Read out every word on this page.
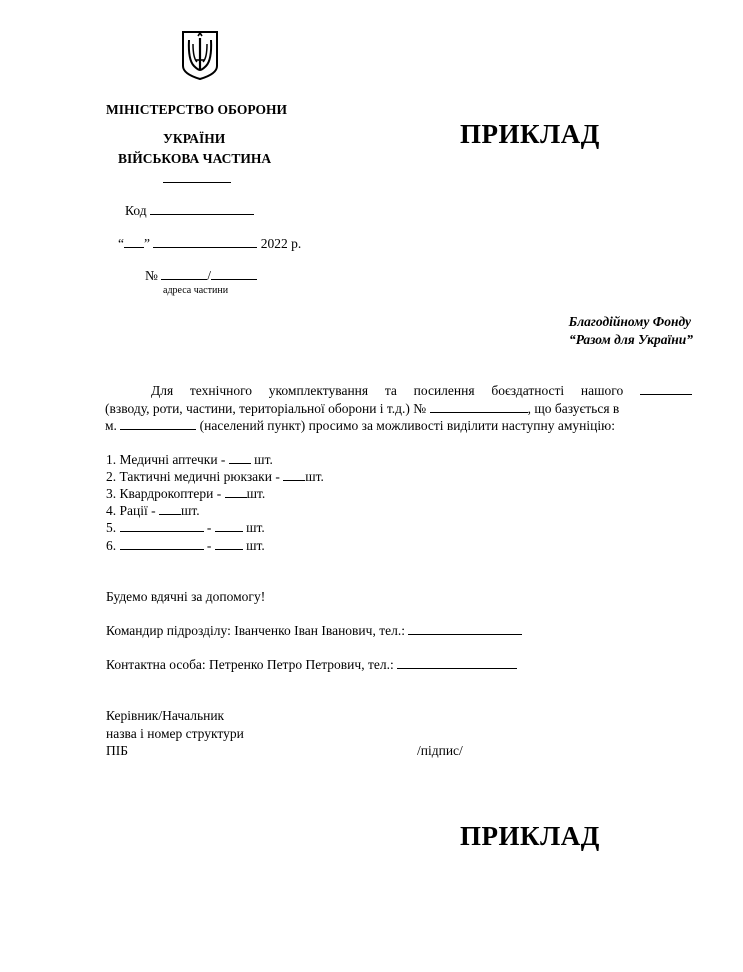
МІНІСТЕРСТВО ОБОРОНИ
УКРАЇНИ
ВІЙСЬКОВА ЧАСТИНА
Код
“ ”	2022 р.
№	/
адреса частини
ПРИКЛАД
Благодійному Фонду
“Разом для України”
Для технічного укомплектування та посилення боєздатності нашого
(взводу, роти, частини, територіальної оборони і т.д.) №	, що базується в
м.	(населений пункт) просимо за можливості виділити наступну амуніцію:
1. Медичні аптечки - шт.
2. Тактичні медичні рюкзаки - шт.
3. Квардрокоптери - шт.
4. Рації - шт.
5.	-	шт.
6.	-	шт.
Будемо вдячні за допомогу!
Командир підрозділу: Іванченко Іван Іванович, тел.:
Контактна особа: Петренко Петро Петрович, тел.:
Керівник/Начальник
назва і номер структури
ПІБ	/підпис/
ПРИКЛАД
